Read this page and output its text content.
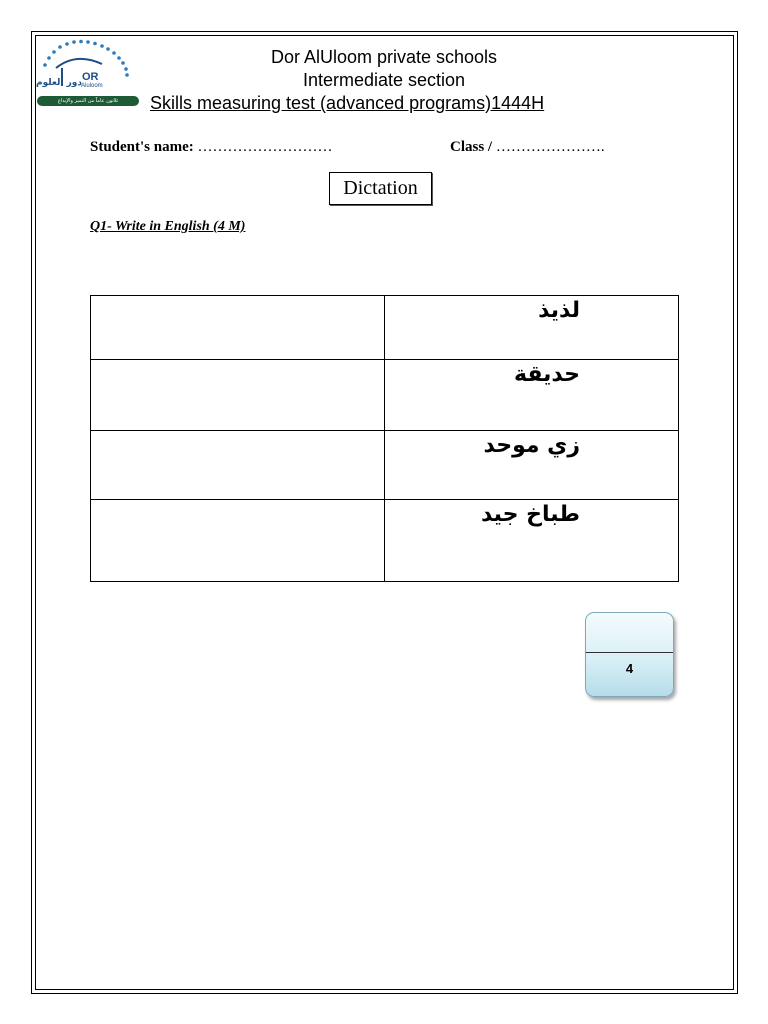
OR
Aluloom
دور العلوم
ثلاثون عاماً من التميز والإبداع
Dor AlUloom private schools
Intermediate section
Skills measuring test (advanced programs)1444H
Student's name: ………………………	Class / ………………….
Dictation
Q1- Write in English (4 M)
	لذيذ
	حديقة
	زي موحد
	طباخ جيد
4
